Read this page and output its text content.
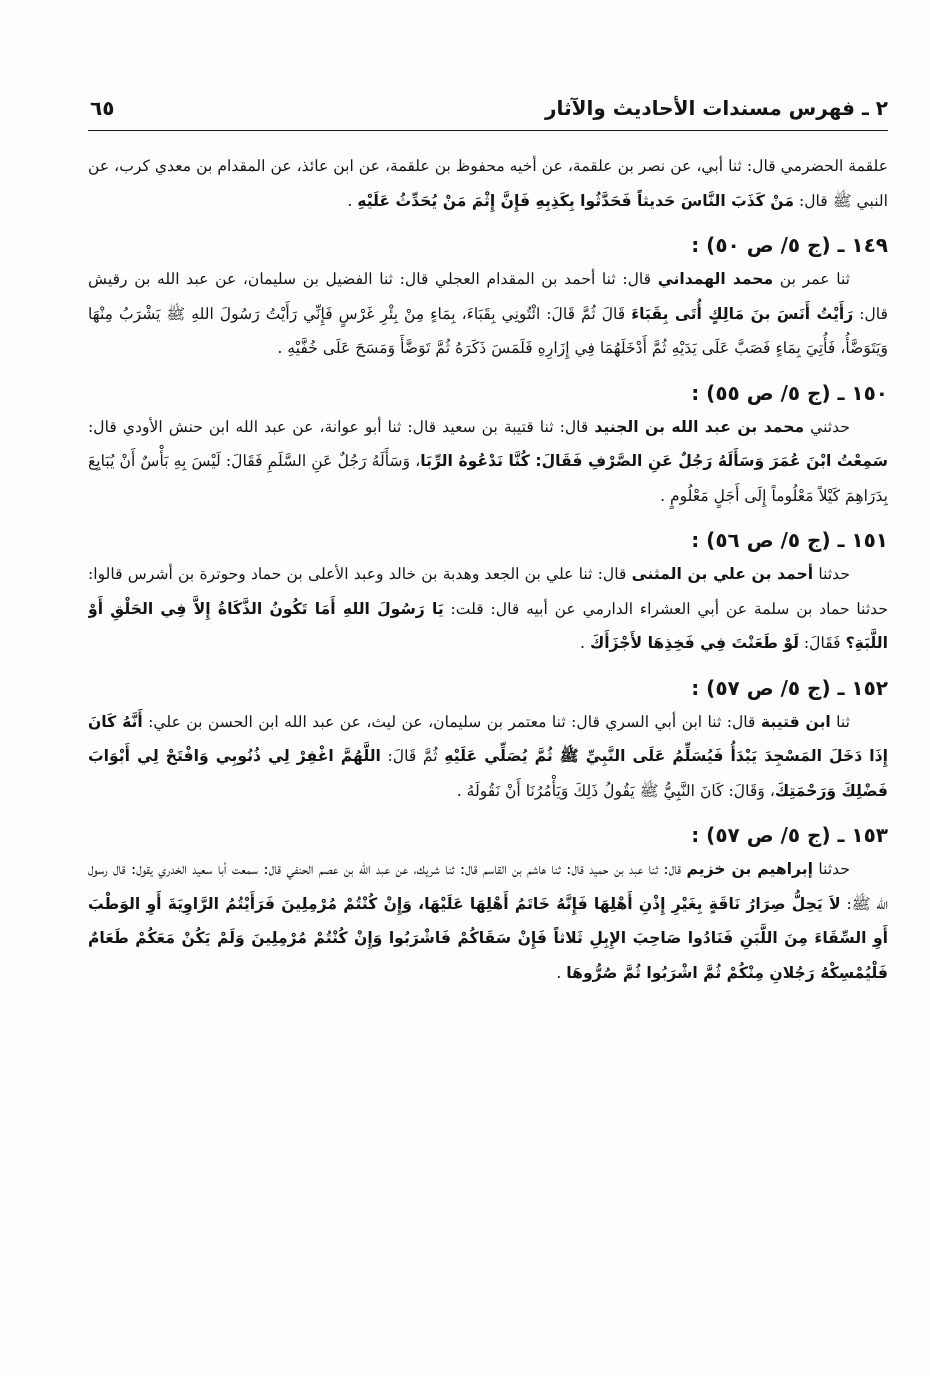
٢ ـ فهرس مسندات الأحاديث والآثار
٦٥

علقمة الحضرمي قال: ثنا أبي، عن نصر بن علقمة، عن أخيه محفوظ بن علقمة، عن ابن عائذ، عن المقدام بن معدي كرب، عن النبي ﷺ قال: مَنْ كَذَبَ النَّاسَ حَديثاً فَحَدَّثُوا بِكَذِبِهِ فَإِنَّ إِثْمَ مَنْ يُحَدِّثُ عَلَيْهِ .

١٤٩ ـ (ج ٥/ ص ٥٠) :

ثنا عمر بن محمد الهمداني قال: ثنا أحمد بن المقدام العجلي قال: ثنا الفضيل بن سليمان، عن عبد الله بن رقيش قال: رَأَيْتُ أَنَسَ بنَ مَالِكٍ أُتَى بِقَبَاءَ قَالَ ثُمَّ قَالَ: ائْتُونِي بِقَبَاءَ، بِمَاءٍ مِنْ بِئْرِ غَرْسٍ فَإِنِّي رَأَيْتُ رَسُولَ اللهِ ﷺ يَشْرَبُ مِنْهَا وَيَتَوَضَّأُ، فَأُتِيَ بِمَاءٍ فَصَبَّ عَلَى يَدَيْهِ ثُمَّ أَدْخَلَهُمَا فِي إِزَارِهِ فَلَمَسَ ذَكَرَهُ ثُمَّ تَوَضَّأَ وَمَسَحَ عَلَى خُفَّيْهِ .

١٥٠ ـ (ج ٥/ ص ٥٥) :

حدثني محمد بن عبد الله بن الجنيد قال: ثنا قتيبة بن سعيد قال: ثنا أبو عوانة، عن عبد الله ابن حنش الأودي قال: سَمِعْتُ ابْنَ عُمَرَ وَسَأَلَهُ رَجُلٌ عَنِ الصَّرْفِ فَقَالَ: كُنَّا نَدْعُوهُ الرِّبَا، وَسَأَلَهُ رَجُلٌ عَنِ السَّلَمِ فَقَالَ: لَيْسَ بِهِ بَأْسٌ أَنْ يُبَايِعَ بِدَرَاهِمَ كَيْلاً مَعْلُوماً إِلَى أَجَلٍ مَعْلُومٍ .

١٥١ ـ (ج ٥/ ص ٥٦) :

حدثنا أحمد بن علي بن المثنى قال: ثنا علي بن الجعد وهدبة بن خالد وعبد الأعلى بن حماد وحوترة بن أشرس قالوا: حدثنا حماد بن سلمة عن أبي العشراء الدارمي عن أبيه قال: قلت: يَا رَسُولَ اللهِ أَمَا تَكُونُ الذَّكَاةُ إِلاَّ فِي الحَلْقِ أَوْ اللَّبَةِ؟ فَقَالَ: لَوْ طَعَنْتَ فِي فَخِذِهَا لأَجْزَأَكَ .

١٥٢ ـ (ج ٥/ ص ٥٧) :

ثنا ابن قتيبة قال: ثنا ابن أبي السري قال: ثنا معتمر بن سليمان، عن ليث، عن عبد الله ابن الحسن بن علي: أَنَّهُ كَانَ إِذَا دَخَلَ المَسْجِدَ يَبْدَأُ فَيُسَلِّمُ عَلَى النَّبِيِّ ﷺ ثُمَّ يُصَلِّي عَلَيْهِ ثُمَّ قَالَ: اللَّهُمَّ اغْفِرْ لِي ذُنُوبِي وَافْتَحْ لِي أَبْوَابَ فَضْلِكَ وَرَحْمَتِكَ، وَقَالَ: كَانَ النَّبِيُّ ﷺ يَقُولُ ذَلِكَ وَيَأْمُرُنَا أَنْ نَقُولَهُ .

١٥٣ ـ (ج ٥/ ص ٥٧) :

حدثنا إبراهيم بن خزيم قال: ثنا عبد بن حميد قال: ثنا هاشم بن القاسم قال: ثنا شريك، عن عبد الله بن عصم الحنفي قال: سمعت أبا سعيد الخدري يقول: قال رسول الله ﷺ: لاَ يَحِلُّ صِرَارُ نَاقَةٍ بِغَيْرِ إِذْنِ أَهْلِهَا فَإِنَّهُ خَاتَمُ أَهْلِهَا عَلَيْهَا، وَإِنْ كُنْتُمْ مُرْمِلِينَ فَرَأَيْتُمُ الرَّاوِيَةَ أَوِ الوَطْبَ أَوِ السِّقَاءَ مِنَ اللَّبَنِ فَنَادُوا صَاحِبَ الإِبِلِ ثَلاثاً فَإِنْ سَقَاكُمْ فَاشْرَبُوا وَإِنْ كُنْتُمْ مُرْمِلِينَ وَلَمْ يَكُنْ مَعَكُمْ طَعَامٌ فَلْيُمْسِكْهُ رَجُلانِ مِنْكُمْ ثُمَّ اشْرَبُوا ثُمَّ صُرُّوهَا .
